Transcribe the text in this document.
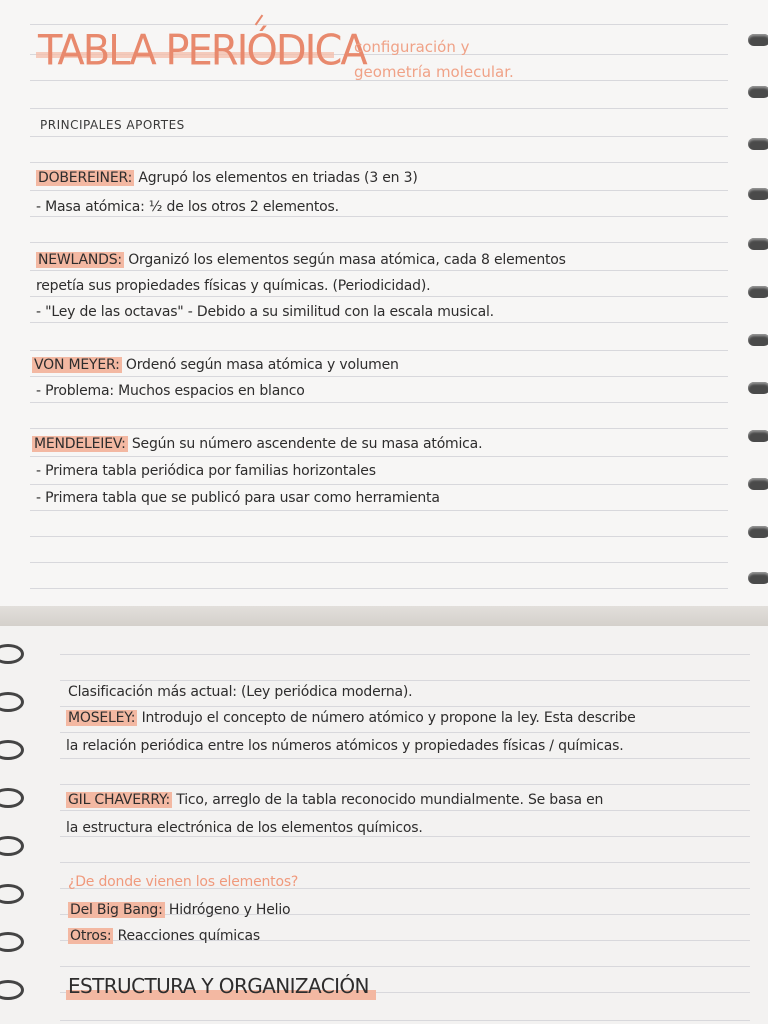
TABLA PERIÓDICA
configuración y
geometría molecular.
PRINCIPALES APORTES
DOBEREINER: Agrupó los elementos en triadas (3 en 3)
- Masa atómica: ½ de los otros 2 elementos.
NEWLANDS: Organizó los elementos según masa atómica, cada 8 elementos
repetía sus propiedades físicas y químicas. (Periodicidad).
- "Ley de las octavas" - Debido a su similitud con la escala musical.
VON MEYER: Ordenó según masa atómica y volumen
- Problema: Muchos espacios en blanco
MENDELEIEV: Según su número ascendente de su masa atómica.
- Primera tabla periódica por familias horizontales
- Primera tabla que se publicó para usar como herramienta
Clasificación más actual: (Ley periódica moderna).
MOSELEY: Introdujo el concepto de número atómico y propone la ley. Esta describe
la relación periódica entre los números atómicos y propiedades físicas / químicas.
GIL CHAVERRY: Tico, arreglo de la tabla reconocido mundialmente. Se basa en
la estructura electrónica de los elementos químicos.
¿De donde vienen los elementos?
Del Big Bang: Hidrógeno y Helio
Otros: Reacciones químicas
ESTRUCTURA Y ORGANIZACIÓN
